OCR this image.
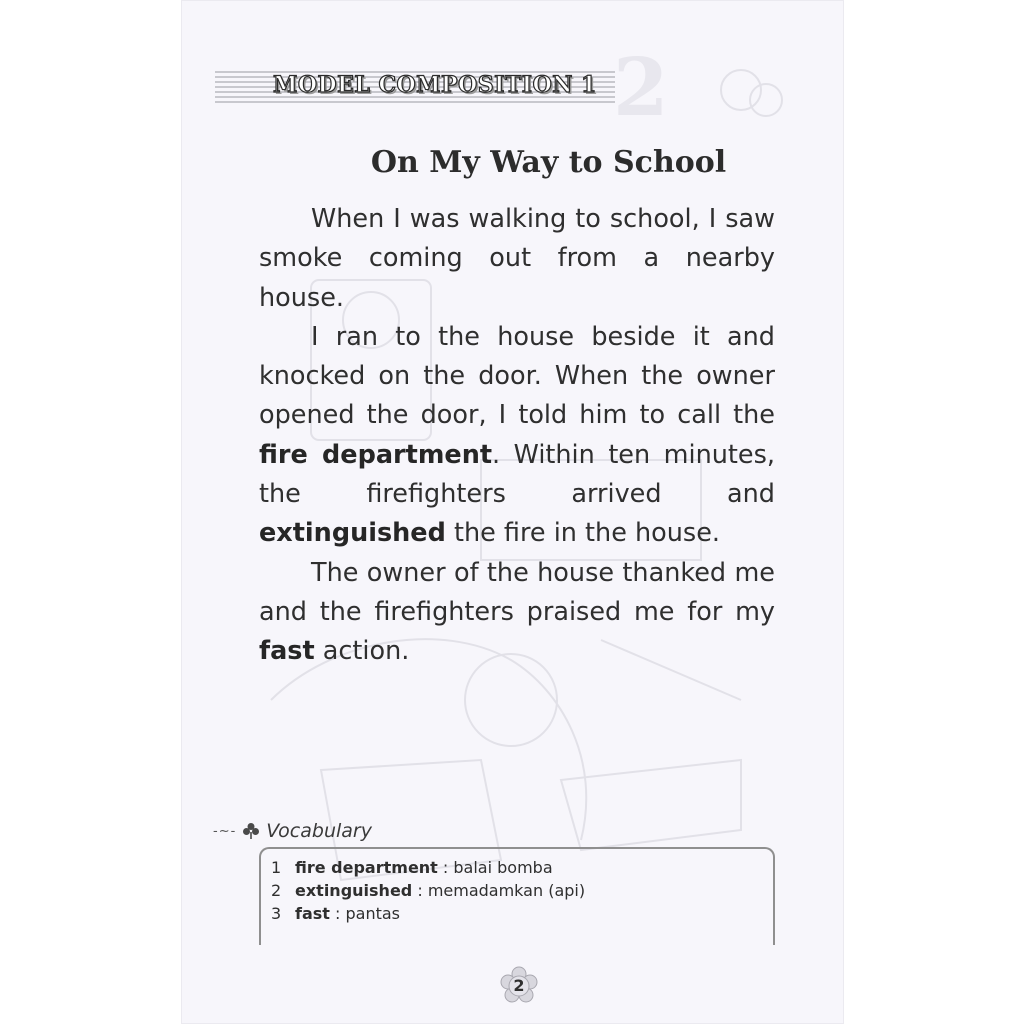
2
MODEL COMPOSITION 1
On My Way to School

When I was walking to school, I saw smoke coming out from a nearby house.

I ran to the house beside it and knocked on the door. When the owner opened the door, I told him to call the fire department. Within ten minutes, the firefighters arrived and extinguished the fire in the house.

The owner of the house thanked me and the firefighters praised me for my fast action.

-~- Vocabulary
1 fire department : balai bomba
2 extinguished : memadamkan (api)
3 fast : pantas
2
